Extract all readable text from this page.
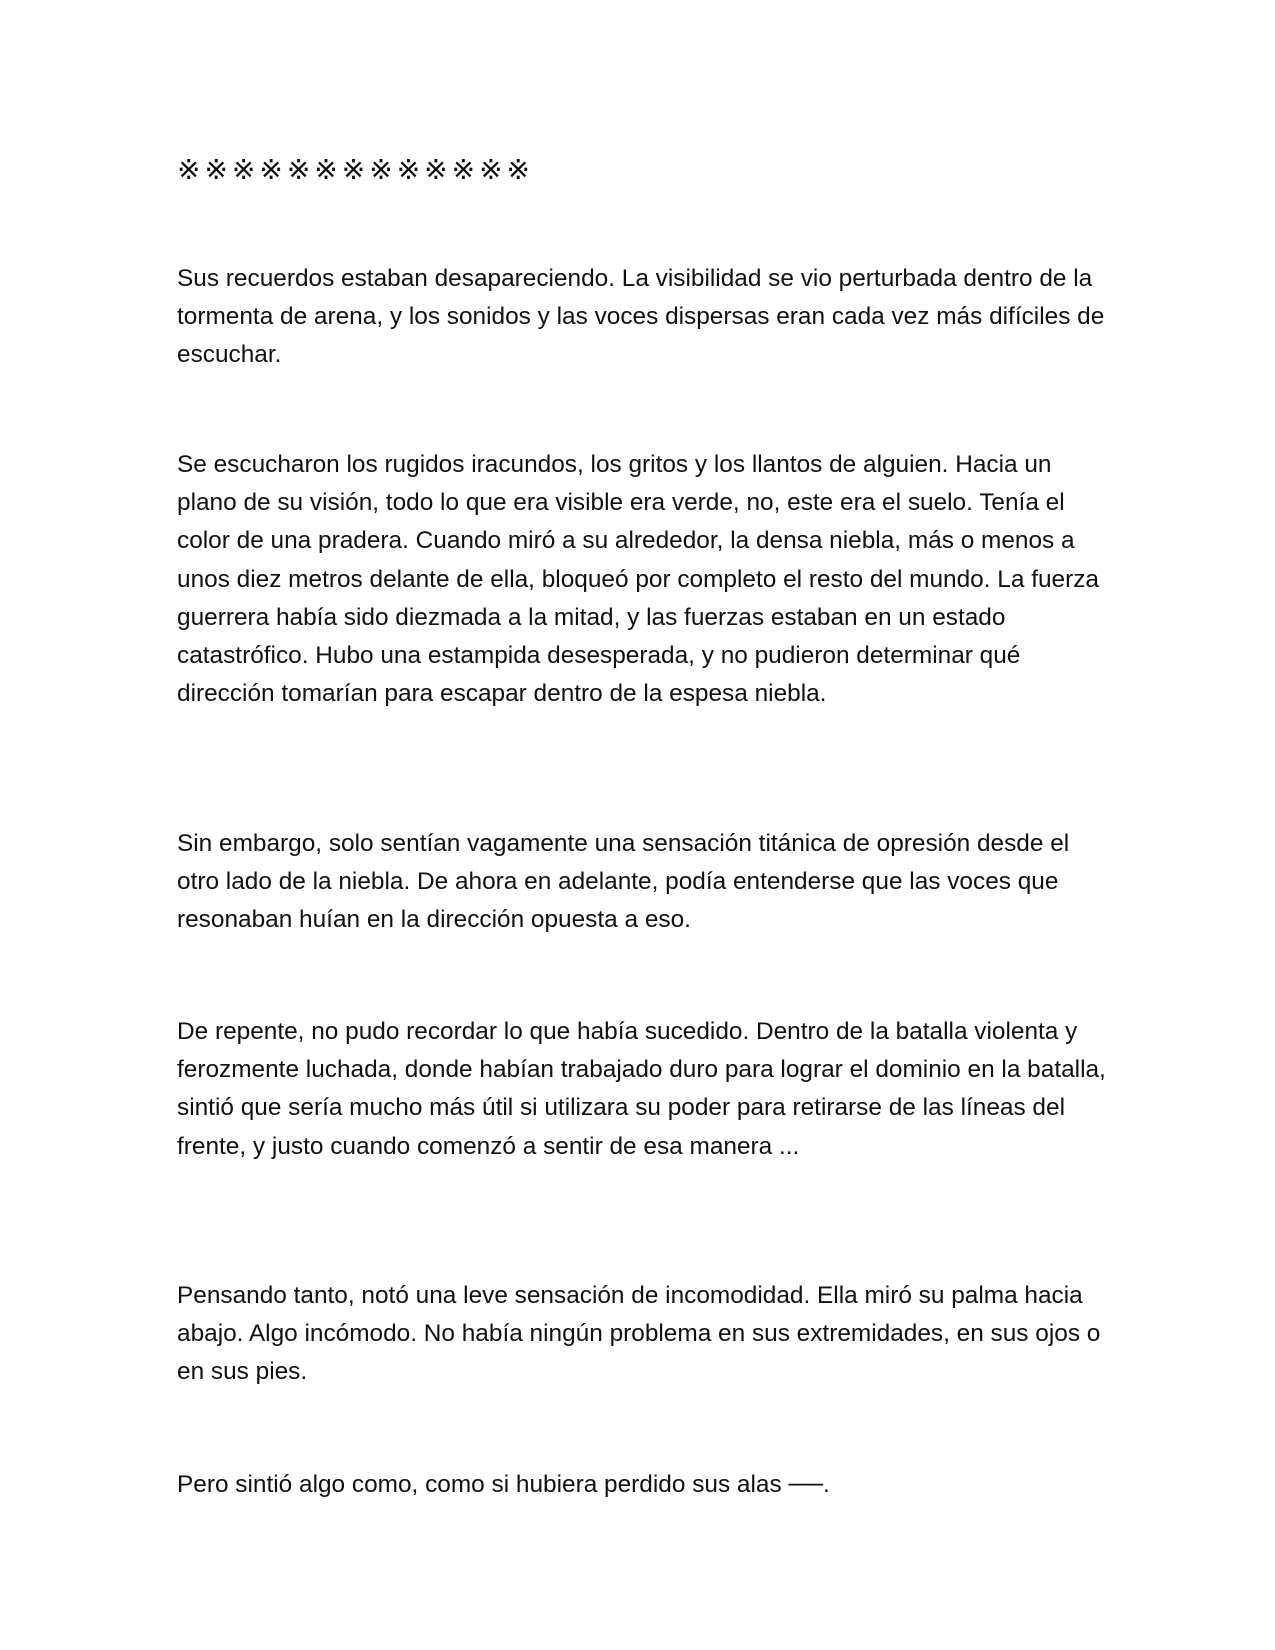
※※※※※※※※※※※※※

Sus recuerdos estaban desapareciendo. La visibilidad se vio perturbada dentro de la tormenta de arena, y los sonidos y las voces dispersas eran cada vez más difíciles de escuchar.

Se escucharon los rugidos iracundos, los gritos y los llantos de alguien. Hacia un plano de su visión, todo lo que era visible era verde, no, este era el suelo. Tenía el color de una pradera. Cuando miró a su alrededor, la densa niebla, más o menos a unos diez metros delante de ella, bloqueó por completo el resto del mundo. La fuerza guerrera había sido diezmada a la mitad, y las fuerzas estaban en un estado catastrófico. Hubo una estampida desesperada, y no pudieron determinar qué dirección tomarían para escapar dentro de la espesa niebla.

Sin embargo, solo sentían vagamente una sensación titánica de opresión desde el otro lado de la niebla. De ahora en adelante, podía entenderse que las voces que resonaban huían en la dirección opuesta a eso.

De repente, no pudo recordar lo que había sucedido. Dentro de la batalla violenta y ferozmente luchada, donde habían trabajado duro para lograr el dominio en la batalla, sintió que sería mucho más útil si utilizara su poder para retirarse de las líneas del frente, y justo cuando comenzó a sentir de esa manera ...

Pensando tanto, notó una leve sensación de incomodidad. Ella miró su palma hacia abajo. Algo incómodo. No había ningún problema en sus extremidades, en sus ojos o en sus pies.

Pero sintió algo como, como si hubiera perdido sus alas ──.
